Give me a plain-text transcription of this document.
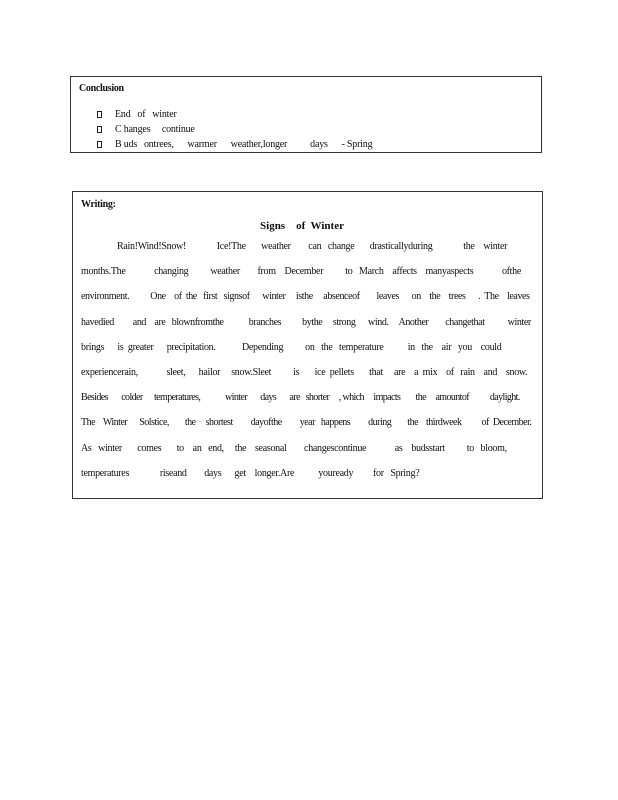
Conclusion
End   of   winter
C hanges     continue
B uds   ontrees,      warmer      weather,longer          days      - Spring
Writing:
Signs    of  Winter
Rain!Wind!Snow!              Ice!The       weather        can   change       drasticallyduring              the    winter
months.The             changing          weather        from    December          to   March    affects    manyaspects             ofthe
environment.          One    of  the   first   signsof      winter     isthe     absenceof        leaves      on    the    trees      .  The    leaves
havedied         and    are   blownfromthe            branches          bythe     strong      wind.     Another        changethat           winter
brings      is  greater      precipitation.            Depending          on   the   temperature           in   the    air   you    could
experiencerain,             sleet,      hailor     snow.Sleet          is       ice  pellets       that     are    a  mix    of   rain    and    snow.
Besides       colder      temperatures,             winter       days       are   shorter     , which     impacts        the     amountof           daylight.
The    Winter      Solstice,        the     shortest         dayofthe         year   happens         during        the    thirdweek          of  December.
As   winter       comes       to    an   end,     the    seasonal        changescontinue             as    budsstart          to   bloom,
temperatures              riseand        days      get    longer.Are           youready         for   Spring?
